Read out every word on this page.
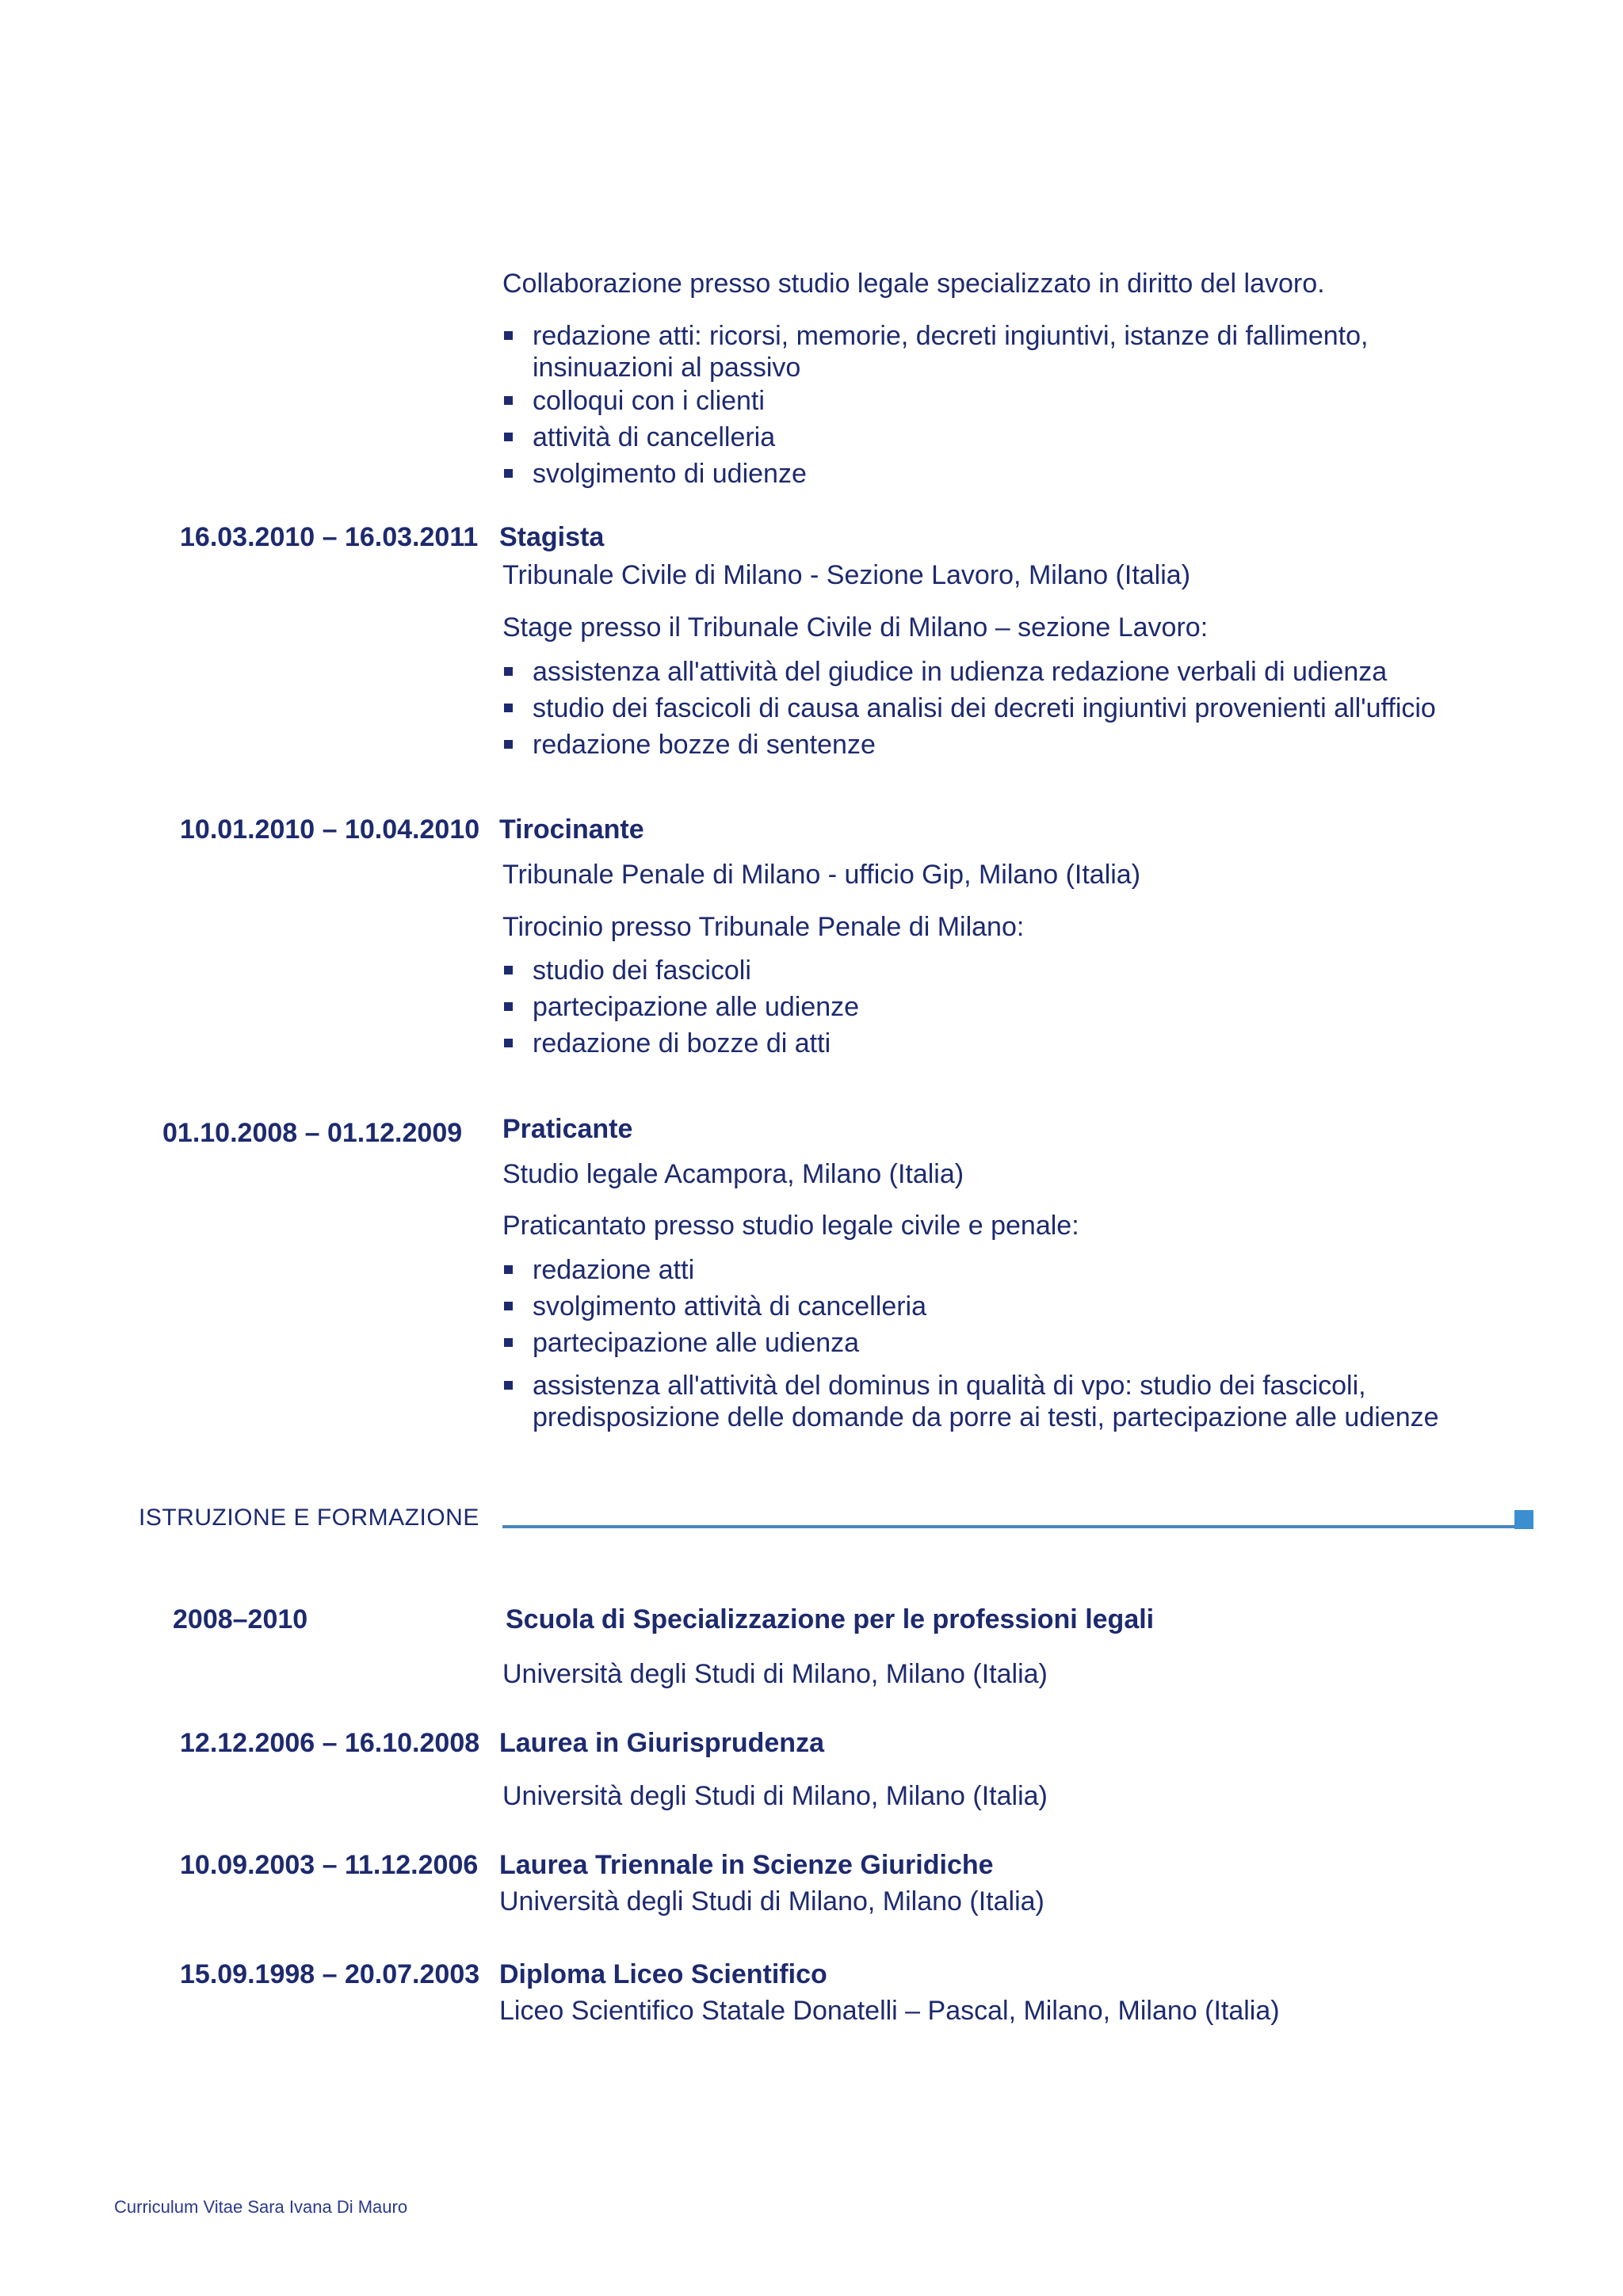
Collaborazione presso studio legale specializzato in diritto del lavoro.
redazione atti: ricorsi, memorie, decreti ingiuntivi, istanze di fallimento,
insinuazioni al passivo
colloqui con i clienti
attività di cancelleria
svolgimento di udienze
16.03.2010 – 16.03.2011 Stagista
Tribunale Civile di Milano - Sezione Lavoro, Milano (Italia)
Stage presso il Tribunale Civile di Milano – sezione Lavoro:
assistenza all'attività del giudice in udienza redazione verbali di udienza
studio dei fascicoli di causa analisi dei decreti ingiuntivi provenienti all'ufficio
redazione bozze di sentenze
10.01.2010 – 10.04.2010 Tirocinante
Tribunale Penale di Milano - ufficio Gip, Milano (Italia)
Tirocinio presso Tribunale Penale di Milano:
studio dei fascicoli
partecipazione alle udienze
redazione di bozze di atti
01.10.2008 – 01.12.2009 Praticante
Studio legale Acampora, Milano (Italia)
Praticantato presso studio legale civile e penale:
redazione atti
svolgimento attività di cancelleria
partecipazione alle udienza
assistenza all'attività del dominus in qualità di vpo: studio dei fascicoli,
predisposizione delle domande da porre ai testi, partecipazione alle udienze
ISTRUZIONE E FORMAZIONE
2008–2010	Scuola di Specializzazione per le professioni legali
Università degli Studi di Milano, Milano (Italia)
12.12.2006 – 16.10.2008 Laurea in Giurisprudenza
Università degli Studi di Milano, Milano (Italia)
10.09.2003 – 11.12.2006 Laurea Triennale in Scienze Giuridiche
Università degli Studi di Milano, Milano (Italia)
15.09.1998 – 20.07.2003 Diploma Liceo Scientifico
Liceo Scientifico Statale Donatelli – Pascal, Milano, Milano (Italia)
Curriculum Vitae Sara Ivana Di Mauro
